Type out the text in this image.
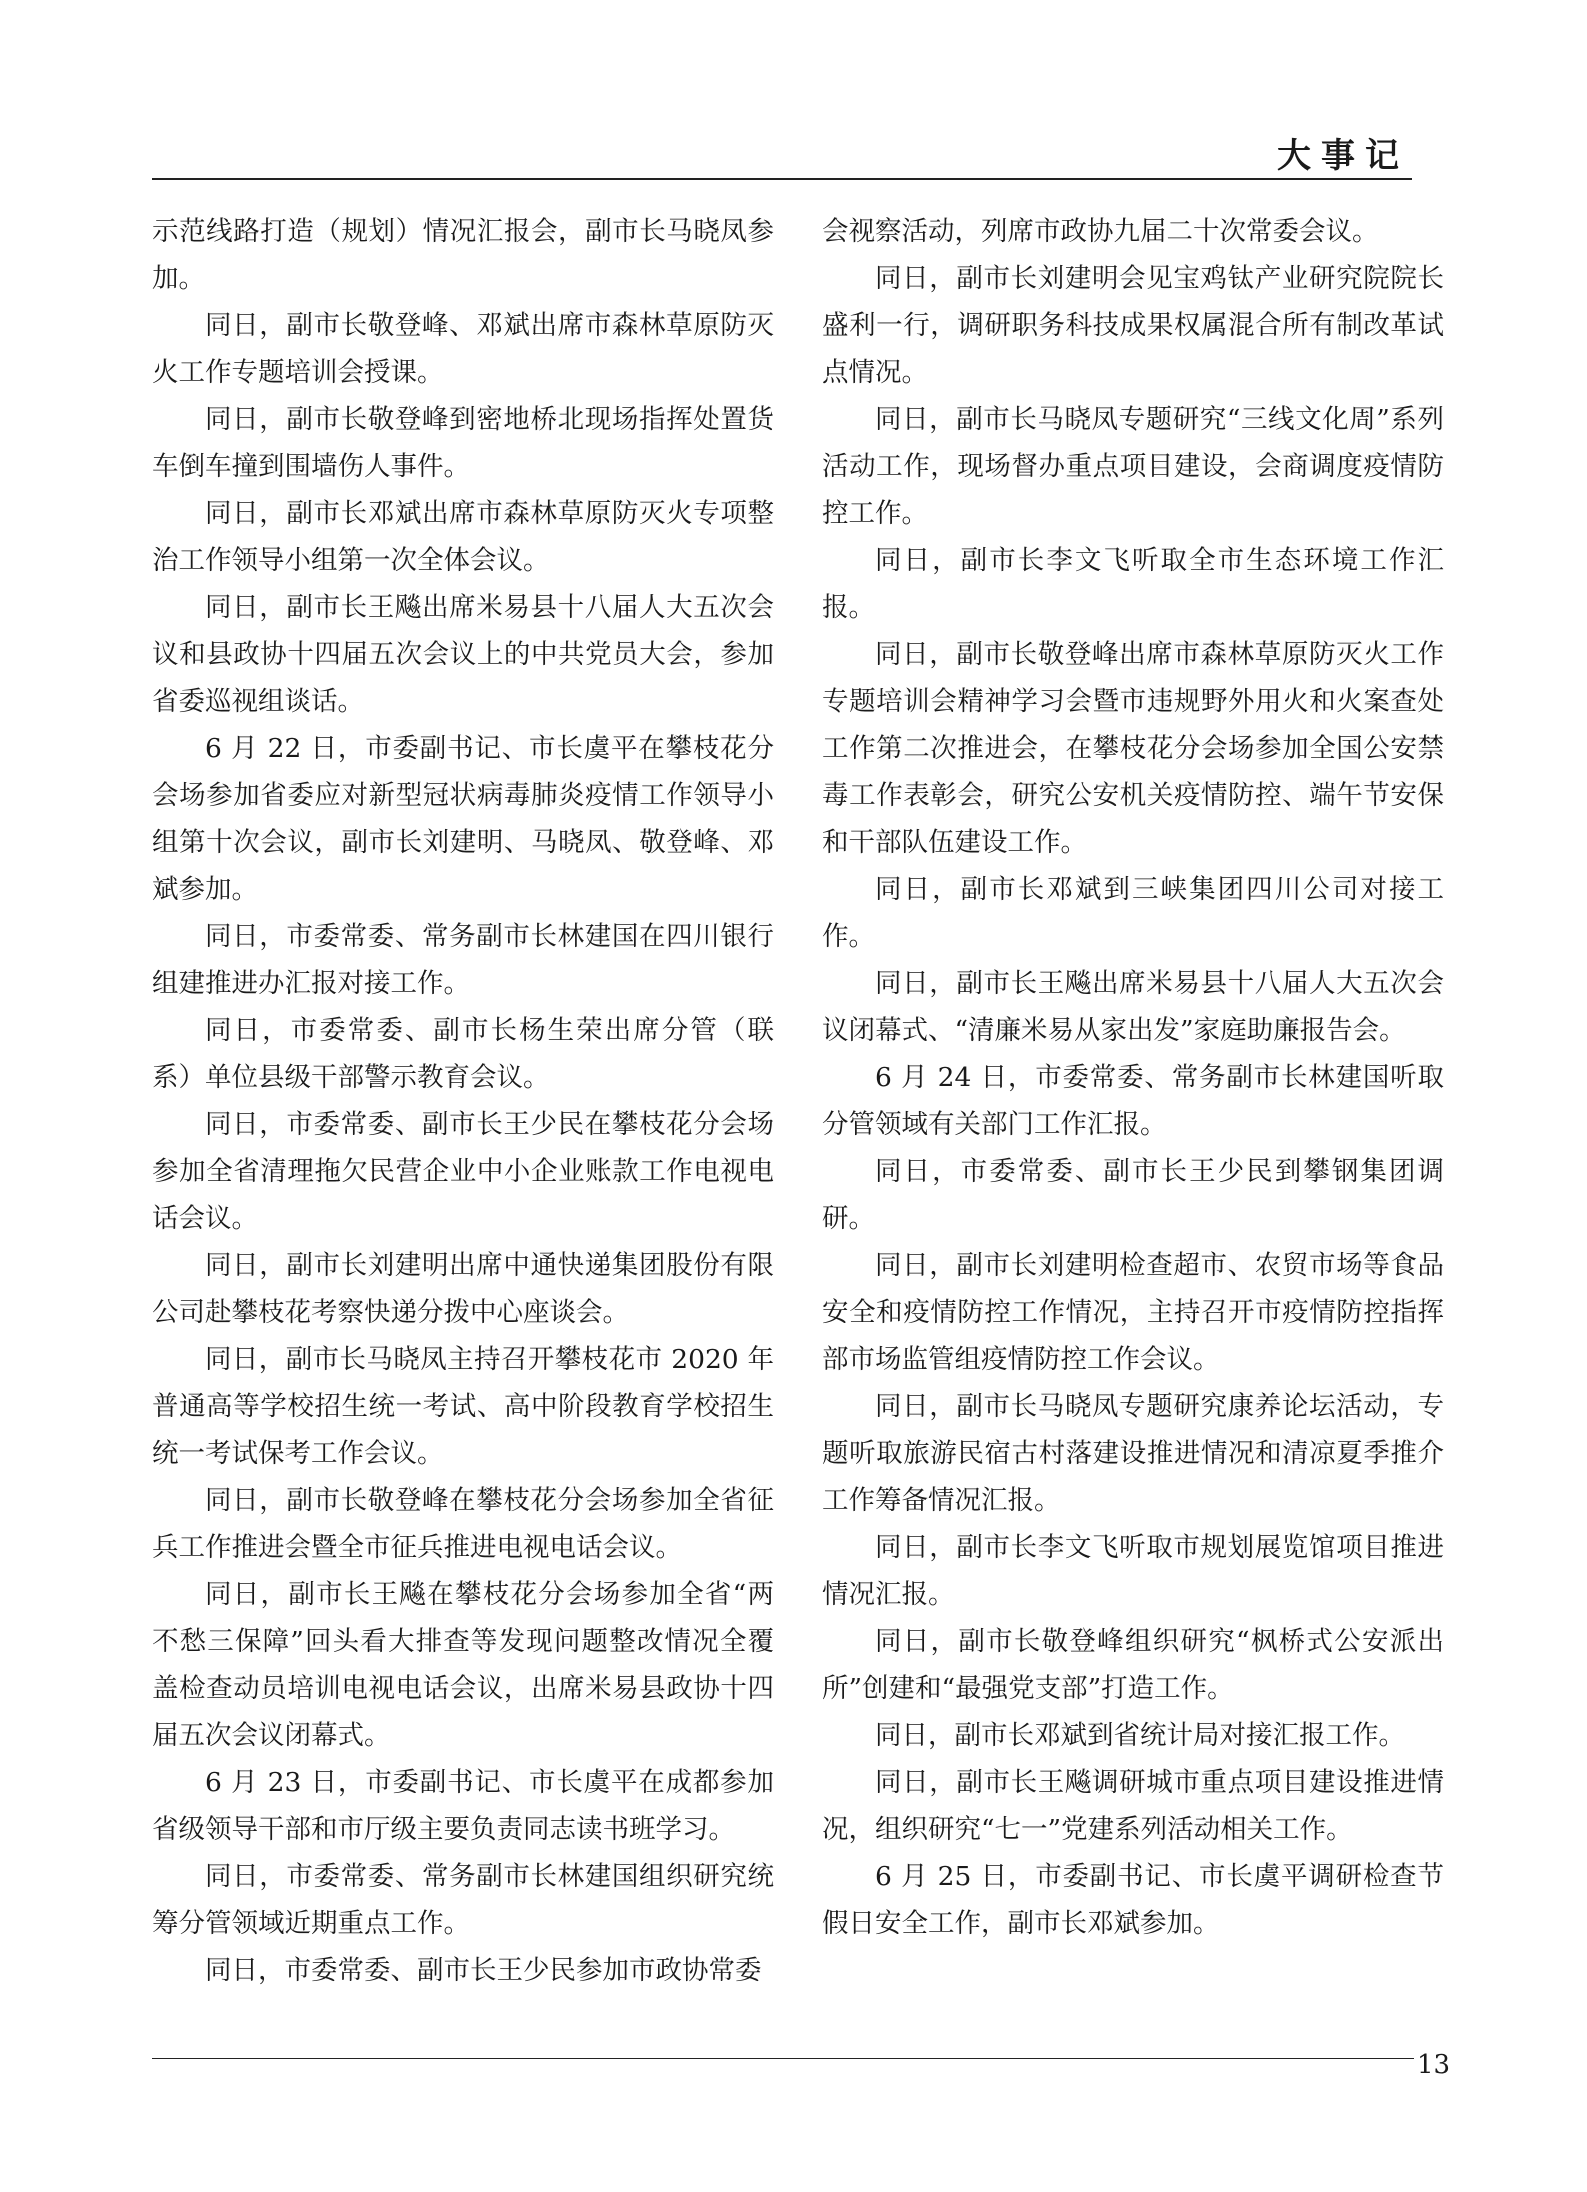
大事记

示范线路打造（规划）情况汇报会，副市长马晓凤参加。

同日，副市长敬登峰、邓斌出席市森林草原防灭火工作专题培训会授课。

同日，副市长敬登峰到密地桥北现场指挥处置货车倒车撞到围墙伤人事件。

同日，副市长邓斌出席市森林草原防灭火专项整治工作领导小组第一次全体会议。

同日，副市长王飚出席米易县十八届人大五次会议和县政协十四届五次会议上的中共党员大会，参加省委巡视组谈话。

6 月 22 日，市委副书记、市长虞平在攀枝花分会场参加省委应对新型冠状病毒肺炎疫情工作领导小组第十次会议，副市长刘建明、马晓凤、敬登峰、邓斌参加。

同日，市委常委、常务副市长林建国在四川银行组建推进办汇报对接工作。

同日，市委常委、副市长杨生荣出席分管（联系）单位县级干部警示教育会议。

同日，市委常委、副市长王少民在攀枝花分会场参加全省清理拖欠民营企业中小企业账款工作电视电话会议。

同日，副市长刘建明出席中通快递集团股份有限公司赴攀枝花考察快递分拨中心座谈会。

同日，副市长马晓凤主持召开攀枝花市 2020 年普通高等学校招生统一考试、高中阶段教育学校招生统一考试保考工作会议。

同日，副市长敬登峰在攀枝花分会场参加全省征兵工作推进会暨全市征兵推进电视电话会议。

同日，副市长王飚在攀枝花分会场参加全省“两不愁三保障”回头看大排查等发现问题整改情况全覆盖检查动员培训电视电话会议，出席米易县政协十四届五次会议闭幕式。

6 月 23 日，市委副书记、市长虞平在成都参加省级领导干部和市厅级主要负责同志读书班学习。

同日，市委常委、常务副市长林建国组织研究统筹分管领域近期重点工作。

同日，市委常委、副市长王少民参加市政协常委

会视察活动，列席市政协九届二十次常委会议。

同日，副市长刘建明会见宝鸡钛产业研究院院长盛利一行，调研职务科技成果权属混合所有制改革试点情况。

同日，副市长马晓凤专题研究“三线文化周”系列活动工作，现场督办重点项目建设，会商调度疫情防控工作。

同日，副市长李文飞听取全市生态环境工作汇报。

同日，副市长敬登峰出席市森林草原防灭火工作专题培训会精神学习会暨市违规野外用火和火案查处工作第二次推进会，在攀枝花分会场参加全国公安禁毒工作表彰会，研究公安机关疫情防控、端午节安保和干部队伍建设工作。

同日，副市长邓斌到三峡集团四川公司对接工作。

同日，副市长王飚出席米易县十八届人大五次会议闭幕式、“清廉米易从家出发”家庭助廉报告会。

6 月 24 日，市委常委、常务副市长林建国听取分管领域有关部门工作汇报。

同日，市委常委、副市长王少民到攀钢集团调研。

同日，副市长刘建明检查超市、农贸市场等食品安全和疫情防控工作情况，主持召开市疫情防控指挥部市场监管组疫情防控工作会议。

同日，副市长马晓凤专题研究康养论坛活动，专题听取旅游民宿古村落建设推进情况和清凉夏季推介工作筹备情况汇报。

同日，副市长李文飞听取市规划展览馆项目推进情况汇报。

同日，副市长敬登峰组织研究“枫桥式公安派出所”创建和“最强党支部”打造工作。

同日，副市长邓斌到省统计局对接汇报工作。

同日，副市长王飚调研城市重点项目建设推进情况，组织研究“七一”党建系列活动相关工作。

6 月 25 日，市委副书记、市长虞平调研检查节假日安全工作，副市长邓斌参加。

13
